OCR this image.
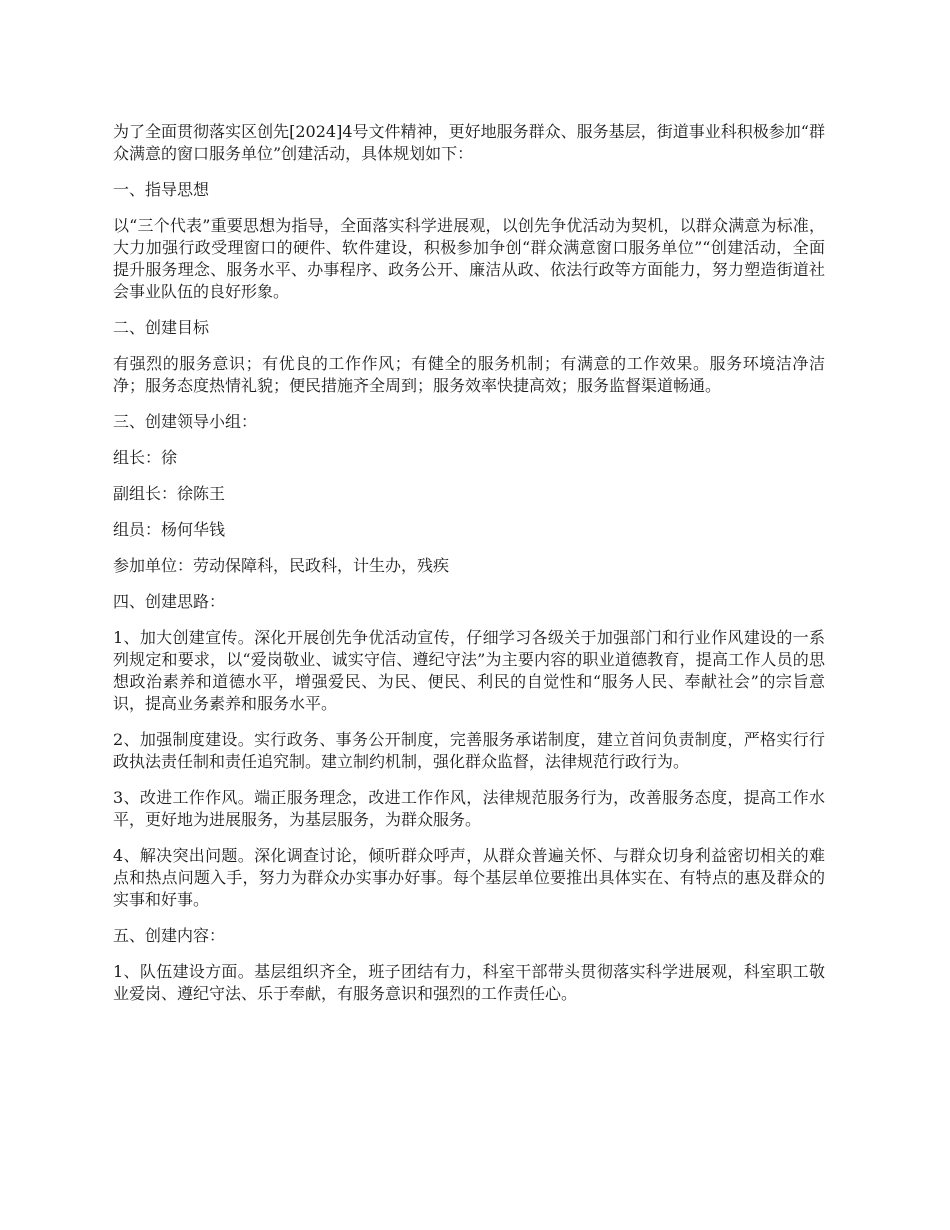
为了全面贯彻落实区创先[2024]4号文件精神，更好地服务群众、服务基层，街道事业科积极参加“群众满意的窗口服务单位”创建活动，具体规划如下：

一、指导思想

以“三个代表”重要思想为指导，全面落实科学进展观，以创先争优活动为契机，以群众满意为标准，大力加强行政受理窗口的硬件、软件建设，积极参加争创“群众满意窗口服务单位”“创建活动，全面提升服务理念、服务水平、办事程序、政务公开、廉洁从政、依法行政等方面能力，努力塑造街道社会事业队伍的良好形象。

二、创建目标

有强烈的服务意识；有优良的工作作风；有健全的服务机制；有满意的工作效果。服务环境洁净洁净；服务态度热情礼貌；便民措施齐全周到；服务效率快捷高效；服务监督渠道畅通。

三、创建领导小组：

组长：徐

副组长：徐陈王

组员：杨何华钱

参加单位：劳动保障科，民政科，计生办，残疾

四、创建思路：

1、加大创建宣传。深化开展创先争优活动宣传，仔细学习各级关于加强部门和行业作风建设的一系列规定和要求，以“爱岗敬业、诚实守信、遵纪守法”为主要内容的职业道德教育，提高工作人员的思想政治素养和道德水平，增强爱民、为民、便民、利民的自觉性和“服务人民、奉献社会”的宗旨意识，提高业务素养和服务水平。

2、加强制度建设。实行政务、事务公开制度，完善服务承诺制度，建立首问负责制度，严格实行行政执法责任制和责任追究制。建立制约机制，强化群众监督，法律规范行政行为。

3、改进工作作风。端正服务理念，改进工作作风，法律规范服务行为，改善服务态度，提高工作水平，更好地为进展服务，为基层服务，为群众服务。

4、解决突出问题。深化调查讨论，倾听群众呼声，从群众普遍关怀、与群众切身利益密切相关的难点和热点问题入手，努力为群众办实事办好事。每个基层单位要推出具体实在、有特点的惠及群众的实事和好事。

五、创建内容：

1、队伍建设方面。基层组织齐全，班子团结有力，科室干部带头贯彻落实科学进展观，科室职工敬业爱岗、遵纪守法、乐于奉献，有服务意识和强烈的工作责任心。
